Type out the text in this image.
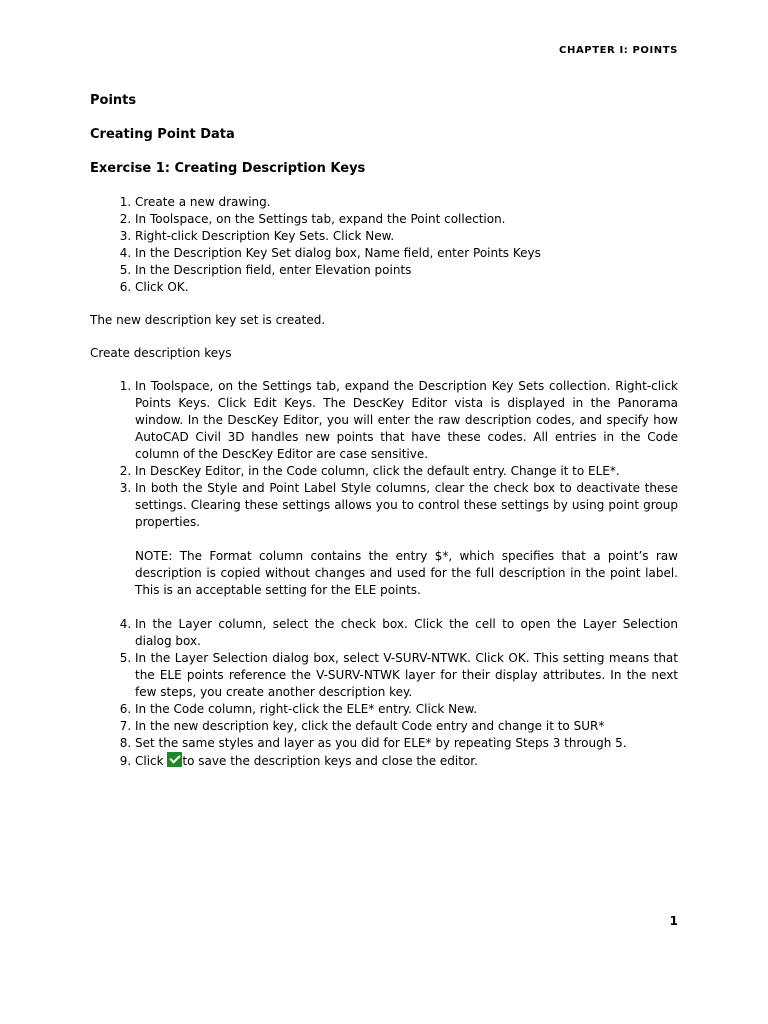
CHAPTER I: POINTS
Points
Creating Point Data
Exercise 1: Creating Description Keys
1. Create a new drawing.
2. In Toolspace, on the Settings tab, expand the Point collection.
3. Right-click Description Key Sets. Click New.
4. In the Description Key Set dialog box, Name field, enter Points Keys
5. In the Description field, enter Elevation points
6. Click OK.
The new description key set is created.
Create description keys
1. In Toolspace, on the Settings tab, expand the Description Key Sets collection. Right-click Points Keys. Click Edit Keys. The DescKey Editor vista is displayed in the Panorama window. In the DescKey Editor, you will enter the raw description codes, and specify how AutoCAD Civil 3D handles new points that have these codes. All entries in the Code column of the DescKey Editor are case sensitive.
2. In DescKey Editor, in the Code column, click the default entry. Change it to ELE*.
3. In both the Style and Point Label Style columns, clear the check box to deactivate these settings. Clearing these settings allows you to control these settings by using point group properties.
NOTE: The Format column contains the entry $*, which specifies that a point’s raw description is copied without changes and used for the full description in the point label. This is an acceptable setting for the ELE points.
4. In the Layer column, select the check box. Click the cell to open the Layer Selection dialog box.
5. In the Layer Selection dialog box, select V-SURV-NTWK. Click OK. This setting means that the ELE points reference the V-SURV-NTWK layer for their display attributes. In the next few steps, you create another description key.
6. In the Code column, right-click the ELE* entry. Click New.
7. In the new description key, click the default Code entry and change it to SUR*
8. Set the same styles and layer as you did for ELE* by repeating Steps 3 through 5.
9. Click to save the description keys and close the editor.
1
